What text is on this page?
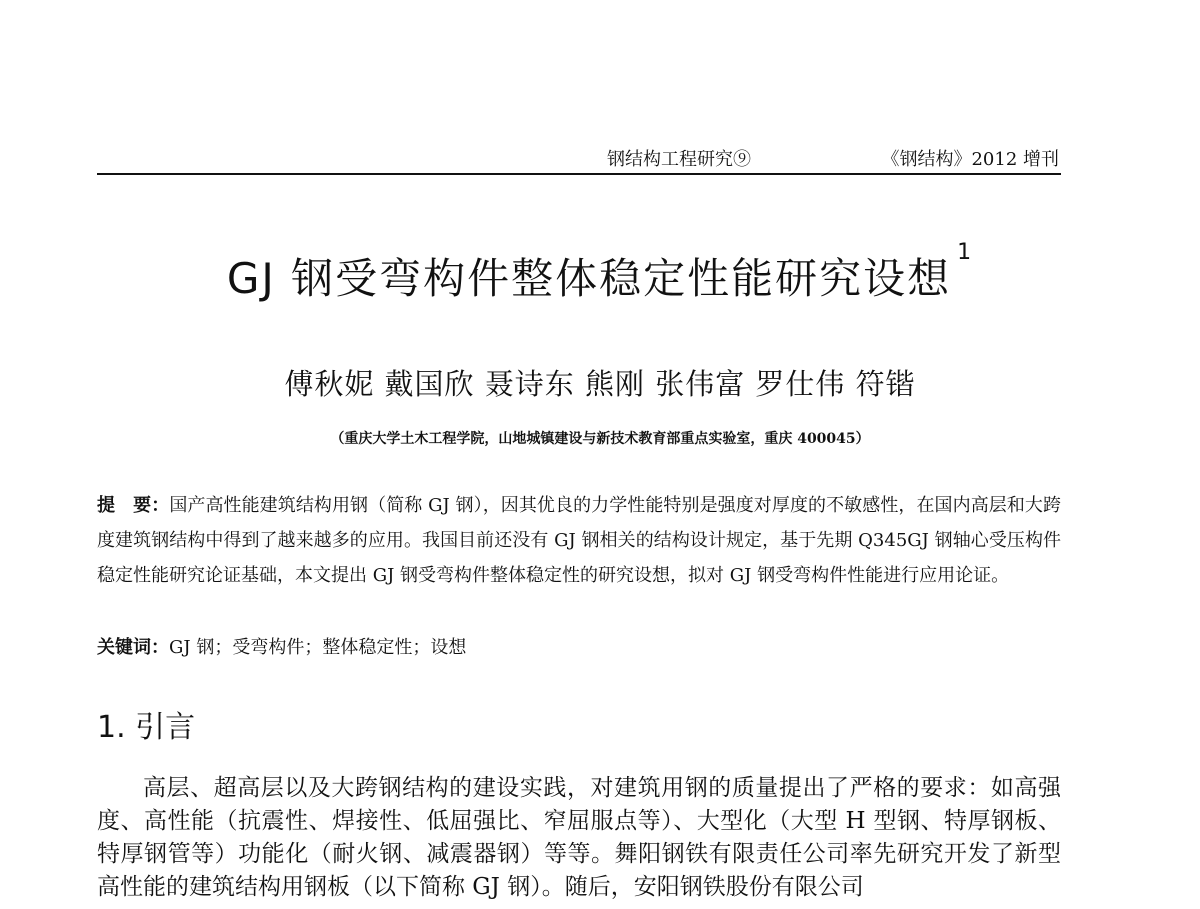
钢结构工程研究⑨	《钢结构》2012 增刊
GJ 钢受弯构件整体稳定性能研究设想$^1$
傅秋妮 戴国欣 聂诗东 熊刚 张伟富 罗仕伟 符锴
（重庆大学土木工程学院，山地城镇建设与新技术教育部重点实验室，重庆 400045）
提　要：国产高性能建筑结构用钢（简称 GJ 钢），因其优良的力学性能特别是强度对厚度的不敏感性，在国内高层和大跨度建筑钢结构中得到了越来越多的应用。我国目前还没有 GJ 钢相关的结构设计规定，基于先期 Q345GJ 钢轴心受压构件稳定性能研究论证基础，本文提出 GJ 钢受弯构件整体稳定性的研究设想，拟对 GJ 钢受弯构件性能进行应用论证。
关键词：GJ 钢；受弯构件；整体稳定性；设想
1. 引言

高层、超高层以及大跨钢结构的建设实践，对建筑用钢的质量提出了严格的要求：如高强度、高性能（抗震性、焊接性、低屈强比、窄屈服点等）、大型化（大型 H 型钢、特厚钢板、特厚钢管等）功能化（耐火钢、减震器钢）等等。舞阳钢铁有限责任公司率先研究开发了新型高性能的建筑结构用钢板（以下简称 GJ 钢）。随后，安阳钢铁股份有限公司
